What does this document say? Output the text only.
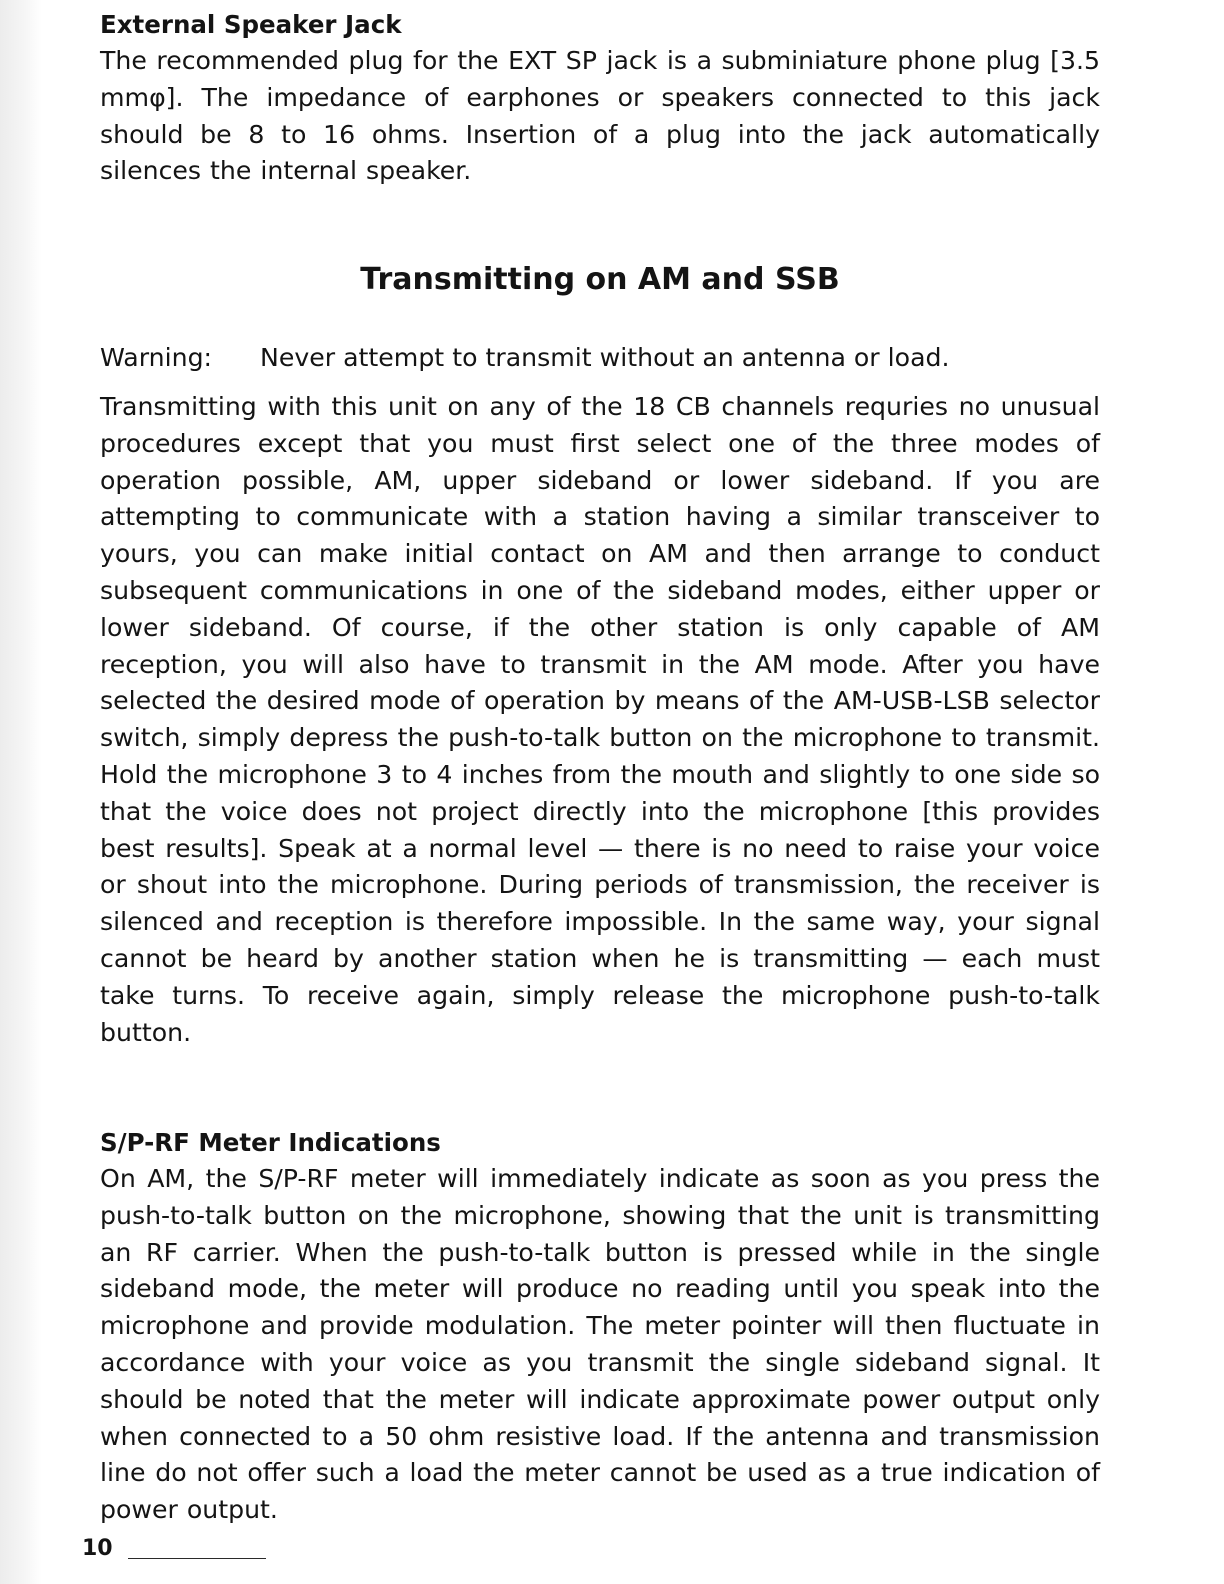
External Speaker Jack

The recommended plug for the EXT SP jack is a subminiature phone plug [3.5 mmφ]. The impedance of earphones or speakers connected to this jack should be 8 to 16 ohms. Insertion of a plug into the jack automatically silences the internal speaker.

Transmitting on AM and SSB
Warning:	Never attempt to transmit without an antenna or load.

Transmitting with this unit on any of the 18 CB channels requries no unusual procedures except that you must first select one of the three modes of operation possible, AM, upper sideband or lower sideband. If you are attempting to communicate with a station having a similar transceiver to yours, you can make initial contact on AM and then arrange to conduct subsequent communications in one of the sideband modes, either upper or lower sideband. Of course, if the other station is only capable of AM reception, you will also have to transmit in the AM mode. After you have selected the desired mode of operation by means of the AM-USB-LSB selector switch, simply depress the push-to-talk button on the microphone to transmit. Hold the microphone 3 to 4 inches from the mouth and slightly to one side so that the voice does not project directly into the microphone [this provides best results]. Speak at a normal level — there is no need to raise your voice or shout into the microphone. During periods of transmission, the receiver is silenced and reception is therefore impossible. In the same way, your signal cannot be heard by another station when he is transmitting — each must take turns. To receive again, simply release the microphone push-to-talk button.

S/P-RF Meter Indications

On AM, the S/P-RF meter will immediately indicate as soon as you press the push-to-talk button on the microphone, showing that the unit is transmitting an RF carrier. When the push-to-talk button is pressed while in the single sideband mode, the meter will produce no reading until you speak into the microphone and provide modulation. The meter pointer will then fluctuate in accordance with your voice as you transmit the single sideband signal. It should be noted that the meter will indicate approximate power output only when connected to a 50 ohm resistive load. If the antenna and transmission line do not offer such a load the meter cannot be used as a true indication of power output.

10
